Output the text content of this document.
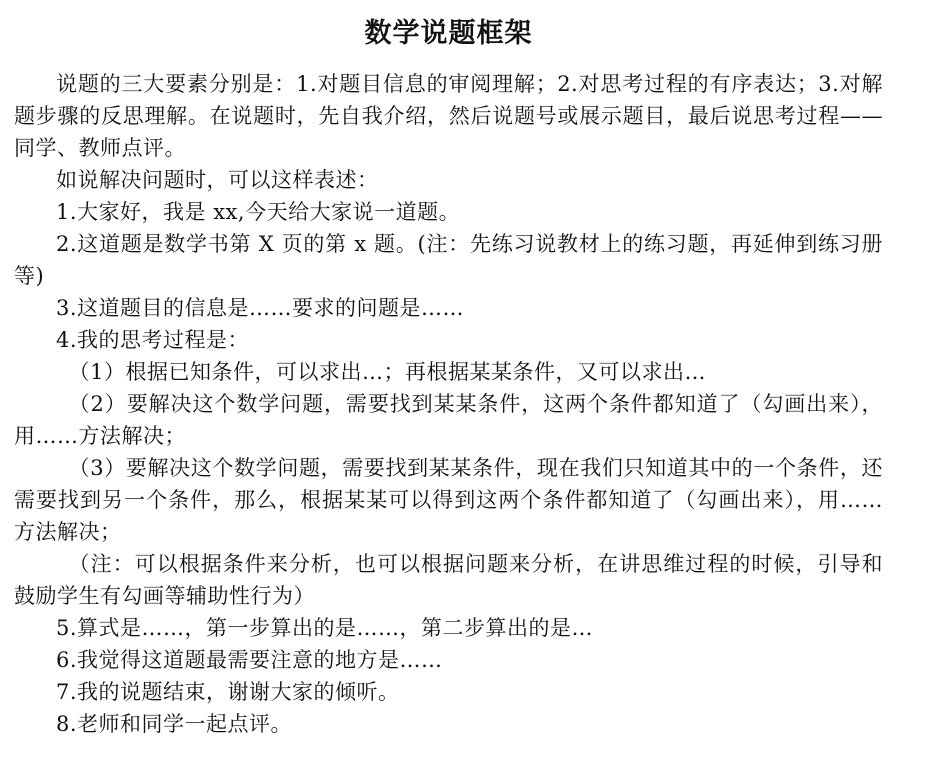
数学说题框架

说题的三大要素分别是：1.对题目信息的审阅理解；2.对思考过程的有序表达；3.对解题步骤的反思理解。在说题时，先自我介绍，然后说题号或展示题目，最后说思考过程——同学、教师点评。

如说解决问题时，可以这样表述：

1.大家好，我是 xx,今天给大家说一道题。

2.这道题是数学书第 X 页的第 x 题。(注：先练习说教材上的练习题，再延伸到练习册等)

3.这道题目的信息是……要求的问题是……

4.我的思考过程是：

（1）根据已知条件，可以求出…；再根据某某条件，又可以求出…

（2）要解决这个数学问题，需要找到某某条件，这两个条件都知道了（勾画出来），用……方法解决；

（3）要解决这个数学问题，需要找到某某条件，现在我们只知道其中的一个条件，还需要找到另一个条件，那么，根据某某可以得到这两个条件都知道了（勾画出来），用……方法解决；

（注：可以根据条件来分析，也可以根据问题来分析，在讲思维过程的时候，引导和鼓励学生有勾画等辅助性行为）

5.算式是……，第一步算出的是……，第二步算出的是…

6.我觉得这道题最需要注意的地方是……

7.我的说题结束，谢谢大家的倾听。

8.老师和同学一起点评。
